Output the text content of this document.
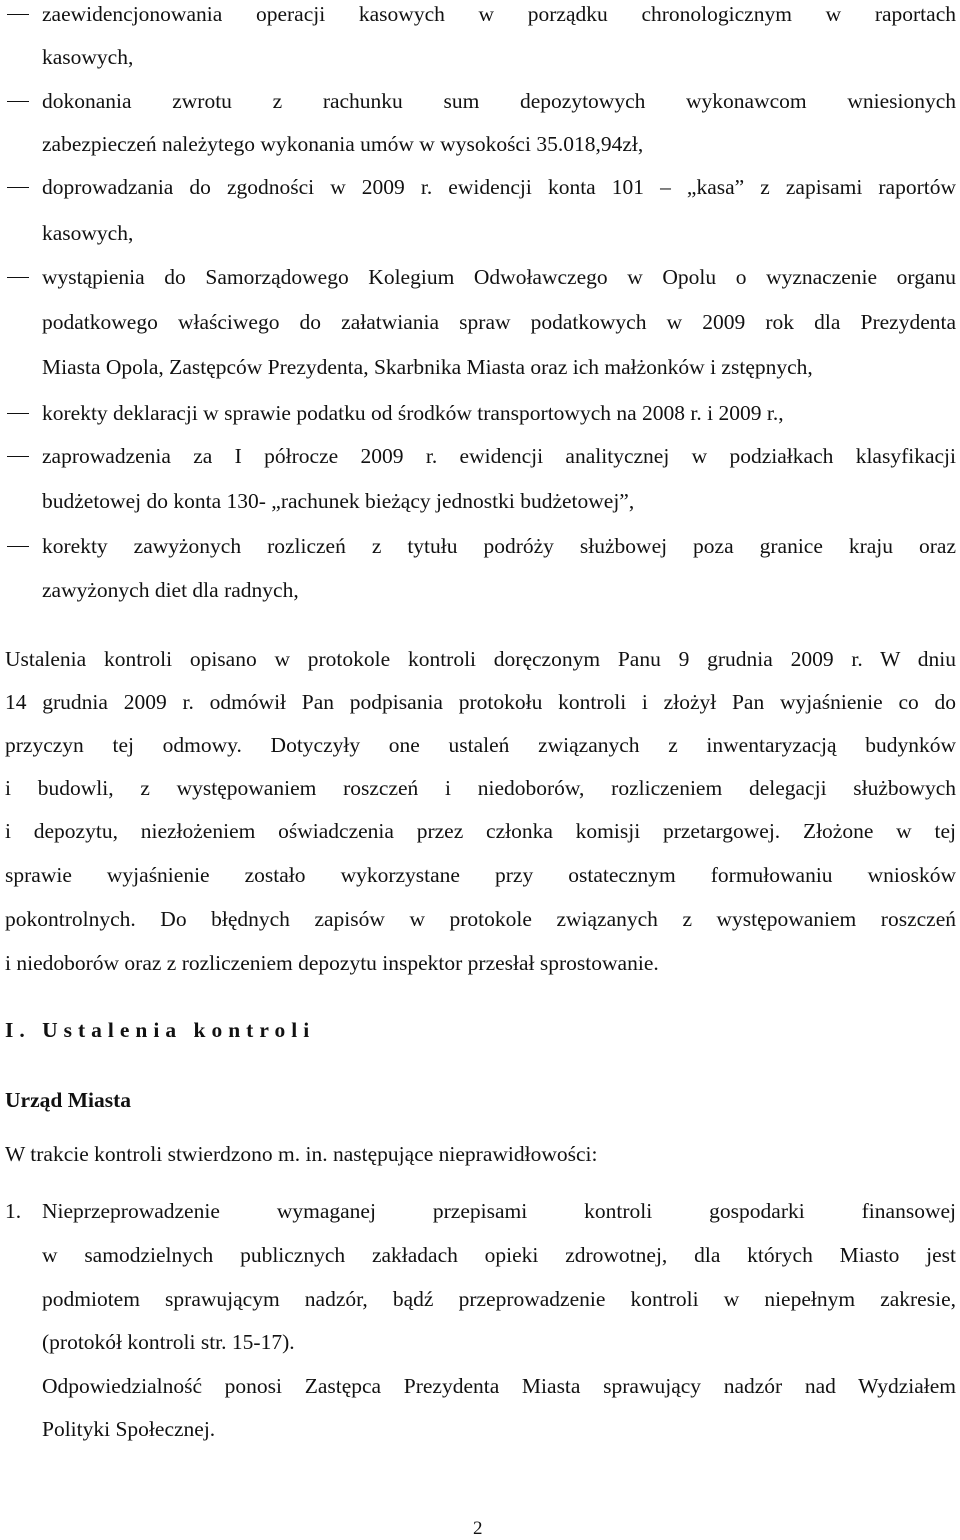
zaewidencjonowania operacji kasowych w porządku chronologicznym w raportach
kasowych,
dokonania zwrotu z rachunku sum depozytowych wykonawcom wniesionych
zabezpieczeń należytego wykonania umów w wysokości 35.018,94zł,
doprowadzania do zgodności w 2009 r. ewidencji konta 101 – „kasa” z zapisami raportów
kasowych,
wystąpienia do Samorządowego Kolegium Odwoławczego w Opolu o wyznaczenie organu
podatkowego właściwego do załatwiania spraw podatkowych w 2009 rok dla Prezydenta
Miasta Opola, Zastępców Prezydenta, Skarbnika Miasta oraz ich małżonków i zstępnych,
korekty deklaracji w sprawie podatku od środków transportowych na 2008 r. i 2009 r.,
zaprowadzenia za I półrocze 2009 r. ewidencji analitycznej w podziałkach klasyfikacji
budżetowej do konta 130- „rachunek bieżący jednostki budżetowej”,
korekty zawyżonych rozliczeń z tytułu podróży służbowej poza granice kraju oraz
zawyżonych diet dla radnych,
Ustalenia kontroli opisano w protokole kontroli doręczonym Panu 9 grudnia 2009 r. W dniu
14 grudnia 2009 r. odmówił Pan podpisania protokołu kontroli i złożył Pan wyjaśnienie co do
przyczyn tej odmowy. Dotyczyły one ustaleń związanych z inwentaryzacją budynków
i budowli, z występowaniem roszczeń i niedoborów, rozliczeniem delegacji służbowych
i depozytu, niezłożeniem oświadczenia przez członka komisji przetargowej. Złożone w tej
sprawie wyjaśnienie zostało wykorzystane przy ostatecznym formułowaniu wniosków
pokontrolnych. Do błędnych zapisów w protokole związanych z występowaniem roszczeń
i niedoborów oraz z rozliczeniem depozytu inspektor przesłał sprostowanie.
I. Ustalenia kontroli
Urząd Miasta
W trakcie kontroli stwierdzono m. in. następujące nieprawidłowości:
1. Nieprzeprowadzenie wymaganej przepisami kontroli gospodarki finansowej
w samodzielnych publicznych zakładach opieki zdrowotnej, dla których Miasto jest
podmiotem sprawującym nadzór, bądź przeprowadzenie kontroli w niepełnym zakresie,
(protokół kontroli str. 15-17).
Odpowiedzialność ponosi Zastępca Prezydenta Miasta sprawujący nadzór nad Wydziałem
Polityki Społecznej.
2
